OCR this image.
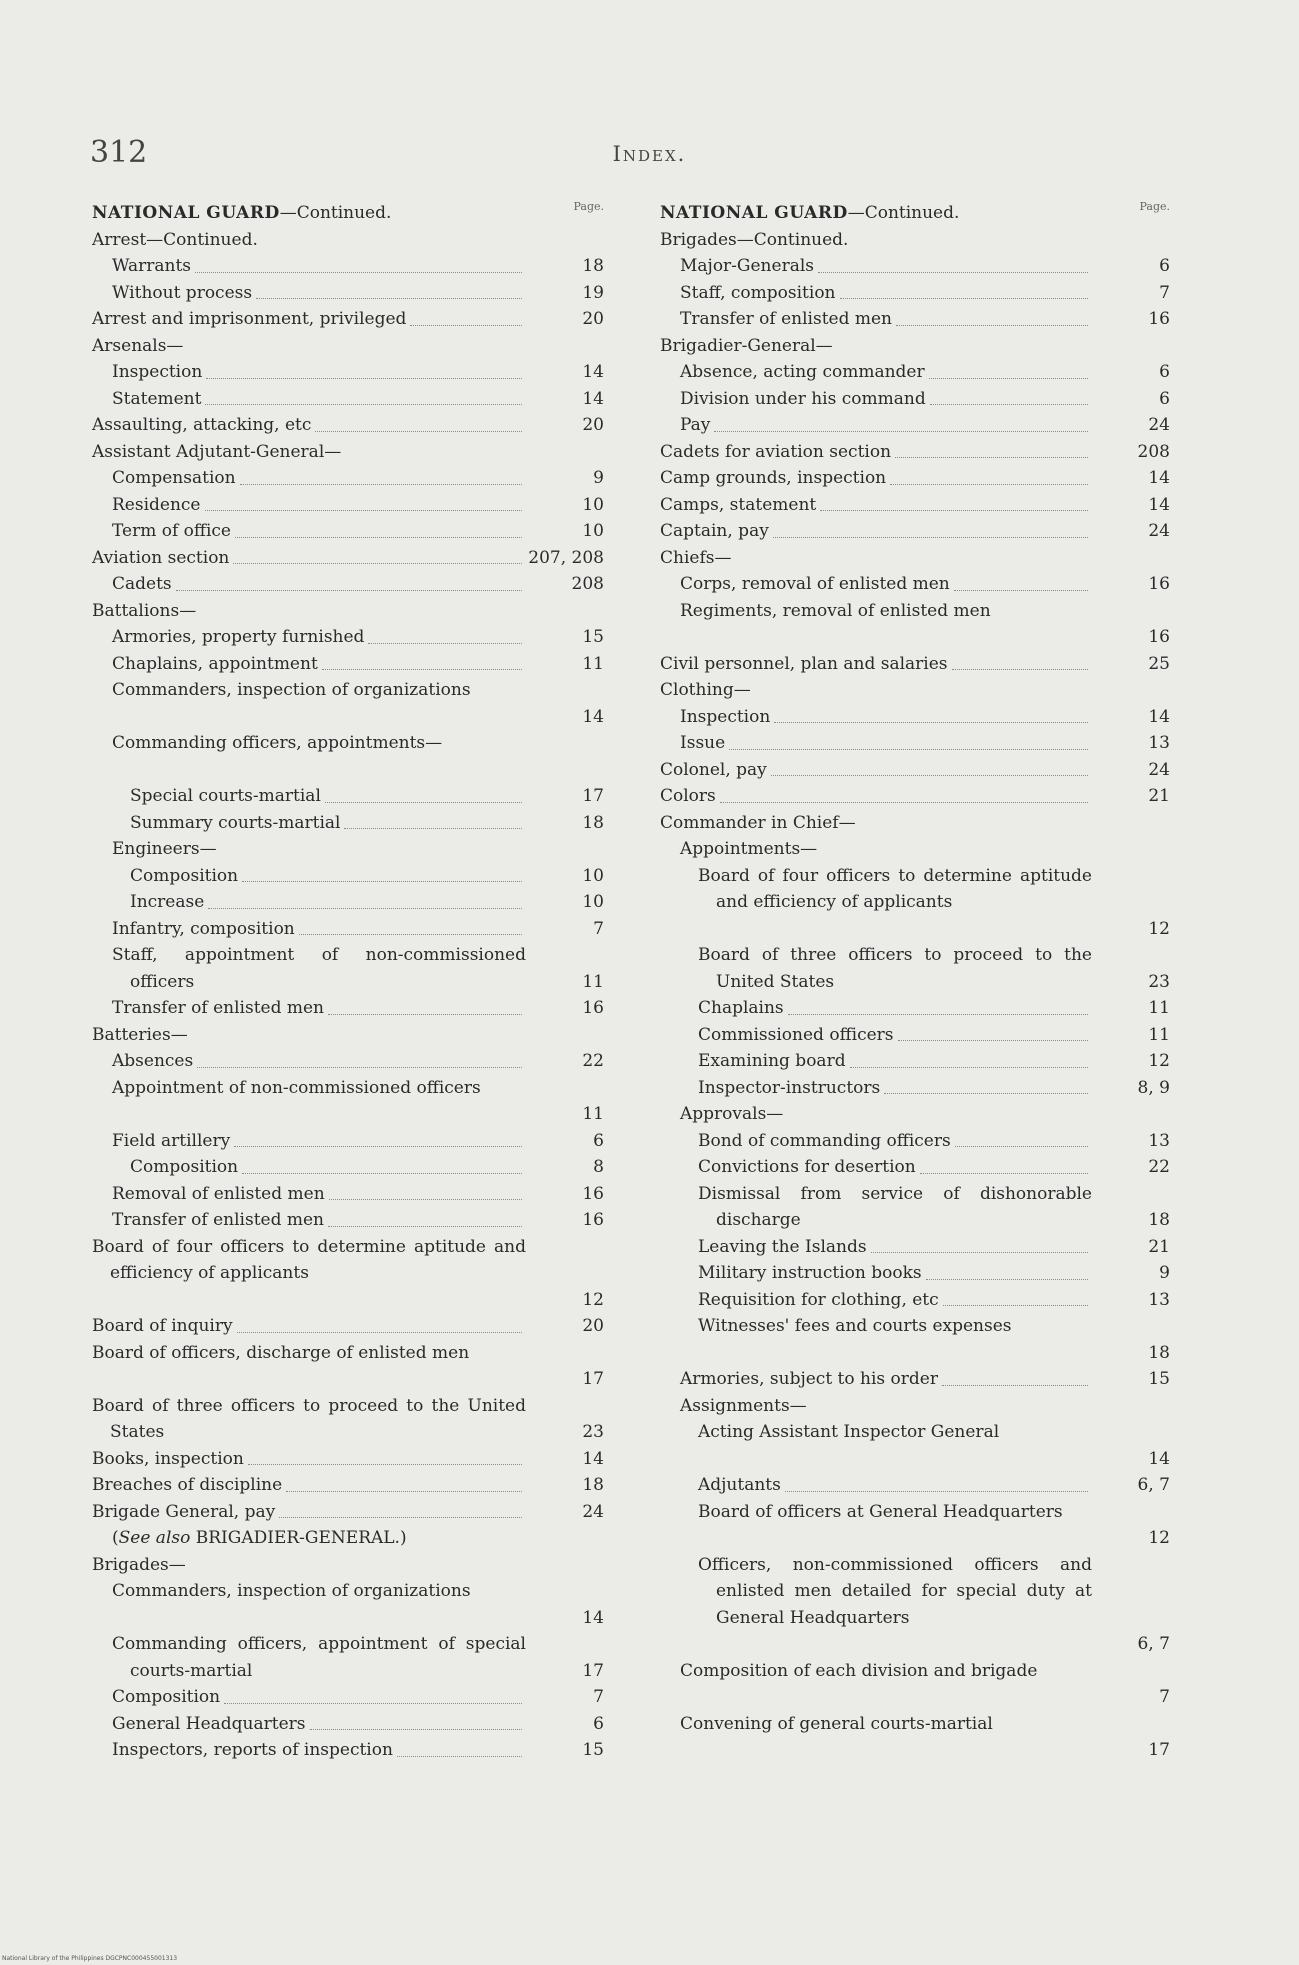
312	Index.
Page.
NATIONAL GUARD—Continued.
Arrest—Continued.
Warrants	18
Without process	19
Arrest and imprisonment, privileged	20
Arsenals—
Inspection	14
Statement	14
Assaulting, attacking, etc	20
Assistant Adjutant-General—
Compensation	9
Residence	10
Term of office	10
Aviation section	207, 208
Cadets	208
Battalions—
Armories, property furnished	15
Chaplains, appointment	11
Commanders, inspection of organizations
14
Commanding officers, appointments—
Special courts-martial	17
Summary courts-martial	18
Engineers—
Composition	10
Increase	10
Infantry, composition	7
Staff, appointment of non-commissioned officers	11
Transfer of enlisted men	16
Batteries—
Absences	22
Appointment of non-commissioned officers
11
Field artillery	6
Composition	8
Removal of enlisted men	16
Transfer of enlisted men	16
Board of four officers to determine aptitude and efficiency of applicants
12
Board of inquiry	20
Board of officers, discharge of enlisted men
17
Board of three officers to proceed to the United States	23
Books, inspection	14
Breaches of discipline	18
Brigade General, pay	24
(See also BRIGADIER-GENERAL.)
Brigades—
Commanders, inspection of organizations
14
Commanding officers, appointment of special courts-martial	17
Composition	7
General Headquarters	6
Inspectors, reports of inspection	15
Page.
NATIONAL GUARD—Continued.
Brigades—Continued.
Major-Generals	6
Staff, composition	7
Transfer of enlisted men	16
Brigadier-General—
Absence, acting commander	6
Division under his command	6
Pay	24
Cadets for aviation section	208
Camp grounds, inspection	14
Camps, statement	14
Captain, pay	24
Chiefs—
Corps, removal of enlisted men	16
Regiments, removal of enlisted men
16
Civil personnel, plan and salaries	25
Clothing—
Inspection	14
Issue	13
Colonel, pay	24
Colors	21
Commander in Chief—
Appointments—
Board of four officers to determine aptitude and efficiency of applicants
12
Board of three officers to proceed to the United States	23
Chaplains	11
Commissioned officers	11
Examining board	12
Inspector-instructors	8, 9
Approvals—
Bond of commanding officers	13
Convictions for desertion	22
Dismissal from service of dishonorable discharge	18
Leaving the Islands	21
Military instruction books	9
Requisition for clothing, etc	13
Witnesses' fees and courts expenses
18
Armories, subject to his order	15
Assignments—
Acting Assistant Inspector General
14
Adjutants	6, 7
Board of officers at General Headquarters
12
Officers, non-commissioned officers and enlisted men detailed for special duty at General Headquarters
6, 7
Composition of each division and brigade
7
Convening of general courts-martial
17
National Library of the Philippines DGCPNC000455001313
